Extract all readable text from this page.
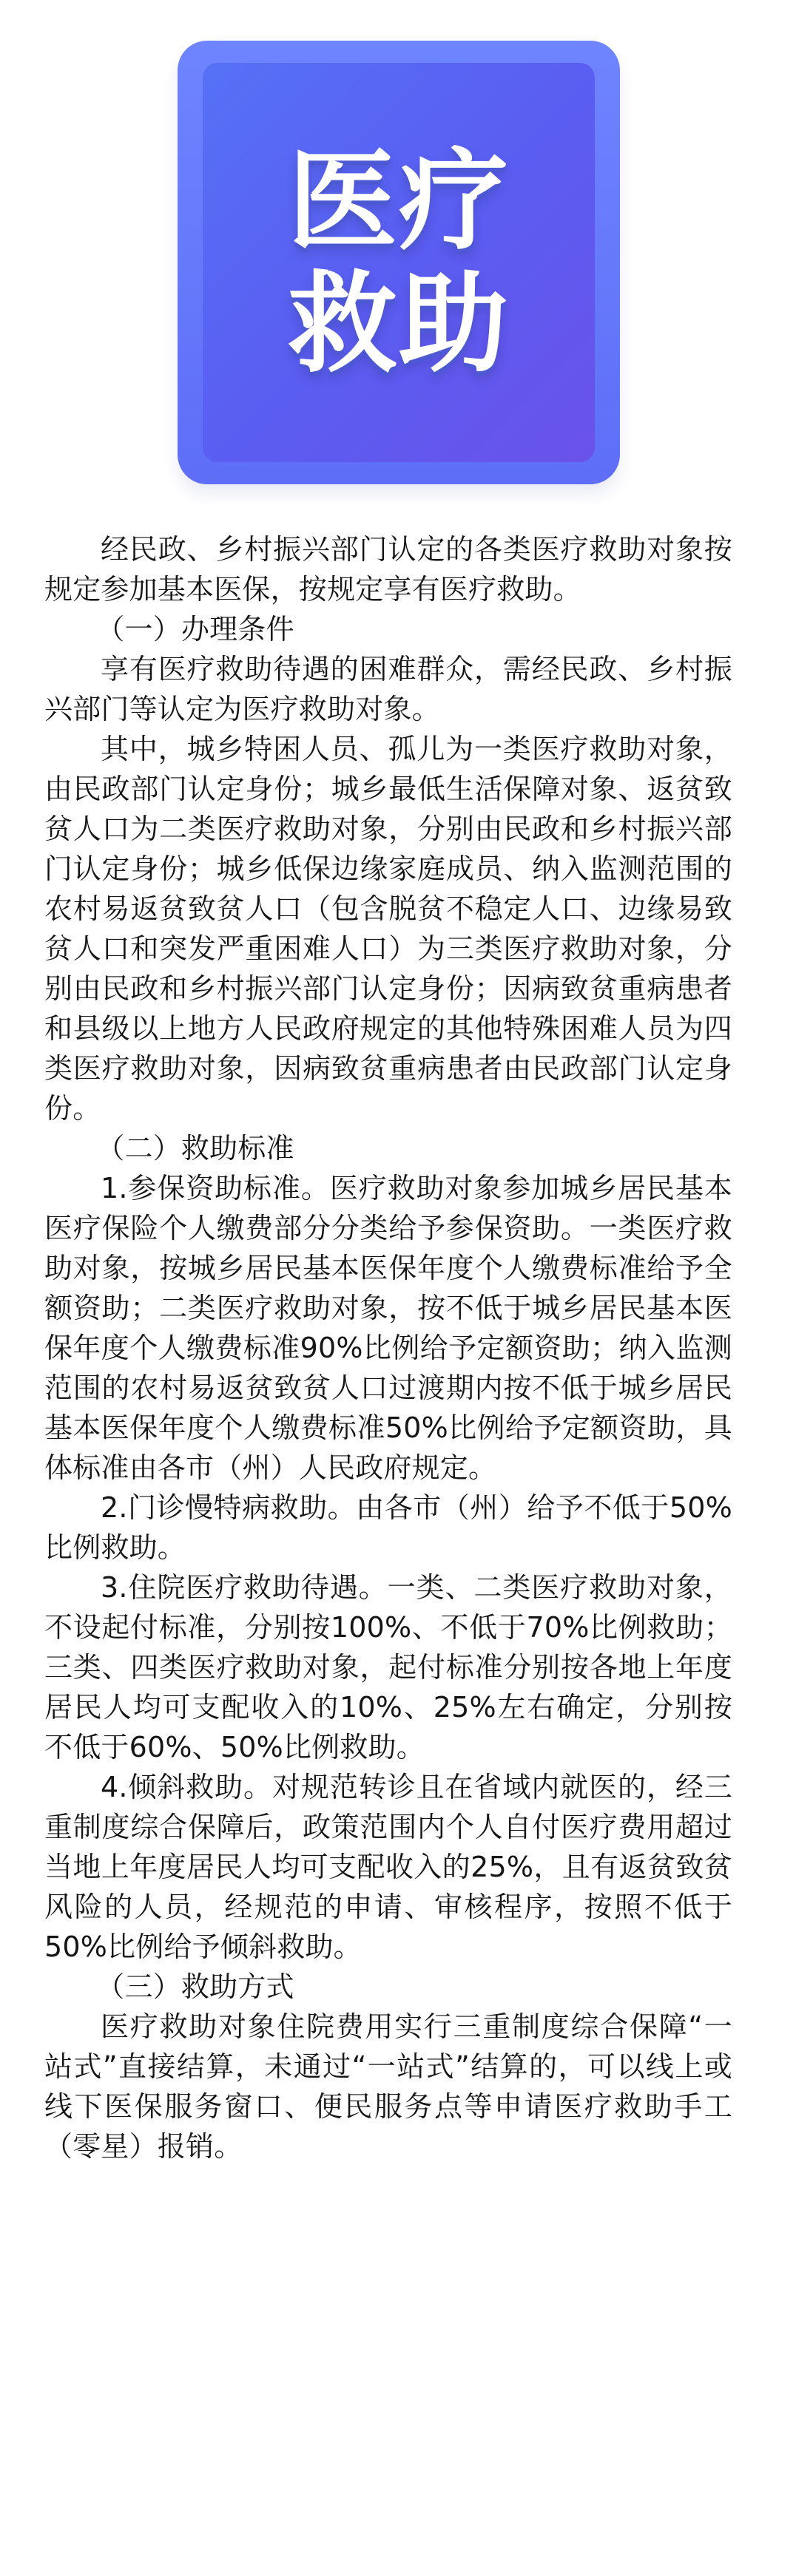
医疗
救助

经民政、乡村振兴部门认定的各类医疗救助对象按规定参加基本医保，按规定享有医疗救助。

（一）办理条件

享有医疗救助待遇的困难群众，需经民政、乡村振兴部门等认定为医疗救助对象。

其中，城乡特困人员、孤儿为一类医疗救助对象，由民政部门认定身份；城乡最低生活保障对象、返贫致贫人口为二类医疗救助对象，分别由民政和乡村振兴部门认定身份；城乡低保边缘家庭成员、纳入监测范围的农村易返贫致贫人口（包含脱贫不稳定人口、边缘易致贫人口和突发严重困难人口）为三类医疗救助对象，分别由民政和乡村振兴部门认定身份；因病致贫重病患者和县级以上地方人民政府规定的其他特殊困难人员为四类医疗救助对象，因病致贫重病患者由民政部门认定身份。

（二）救助标准

1.参保资助标准。医疗救助对象参加城乡居民基本医疗保险个人缴费部分分类给予参保资助。一类医疗救助对象，按城乡居民基本医保年度个人缴费标准给予全额资助；二类医疗救助对象，按不低于城乡居民基本医保年度个人缴费标准90%比例给予定额资助；纳入监测范围的农村易返贫致贫人口过渡期内按不低于城乡居民基本医保年度个人缴费标准50%比例给予定额资助，具体标准由各市（州）人民政府规定。

2.门诊慢特病救助。由各市（州）给予不低于50%比例救助。

3.住院医疗救助待遇。一类、二类医疗救助对象，不设起付标准，分别按100%、不低于70%比例救助；三类、四类医疗救助对象，起付标准分别按各地上年度居民人均可支配收入的10%、25%左右确定，分别按不低于60%、50%比例救助。

4.倾斜救助。对规范转诊且在省域内就医的，经三重制度综合保障后，政策范围内个人自付医疗费用超过当地上年度居民人均可支配收入的25%，且有返贫致贫风险的人员，经规范的申请、审核程序，按照不低于50%比例给予倾斜救助。

（三）救助方式

医疗救助对象住院费用实行三重制度综合保障“一站式”直接结算，未通过“一站式”结算的，可以线上或线下医保服务窗口、便民服务点等申请医疗救助手工（零星）报销。
